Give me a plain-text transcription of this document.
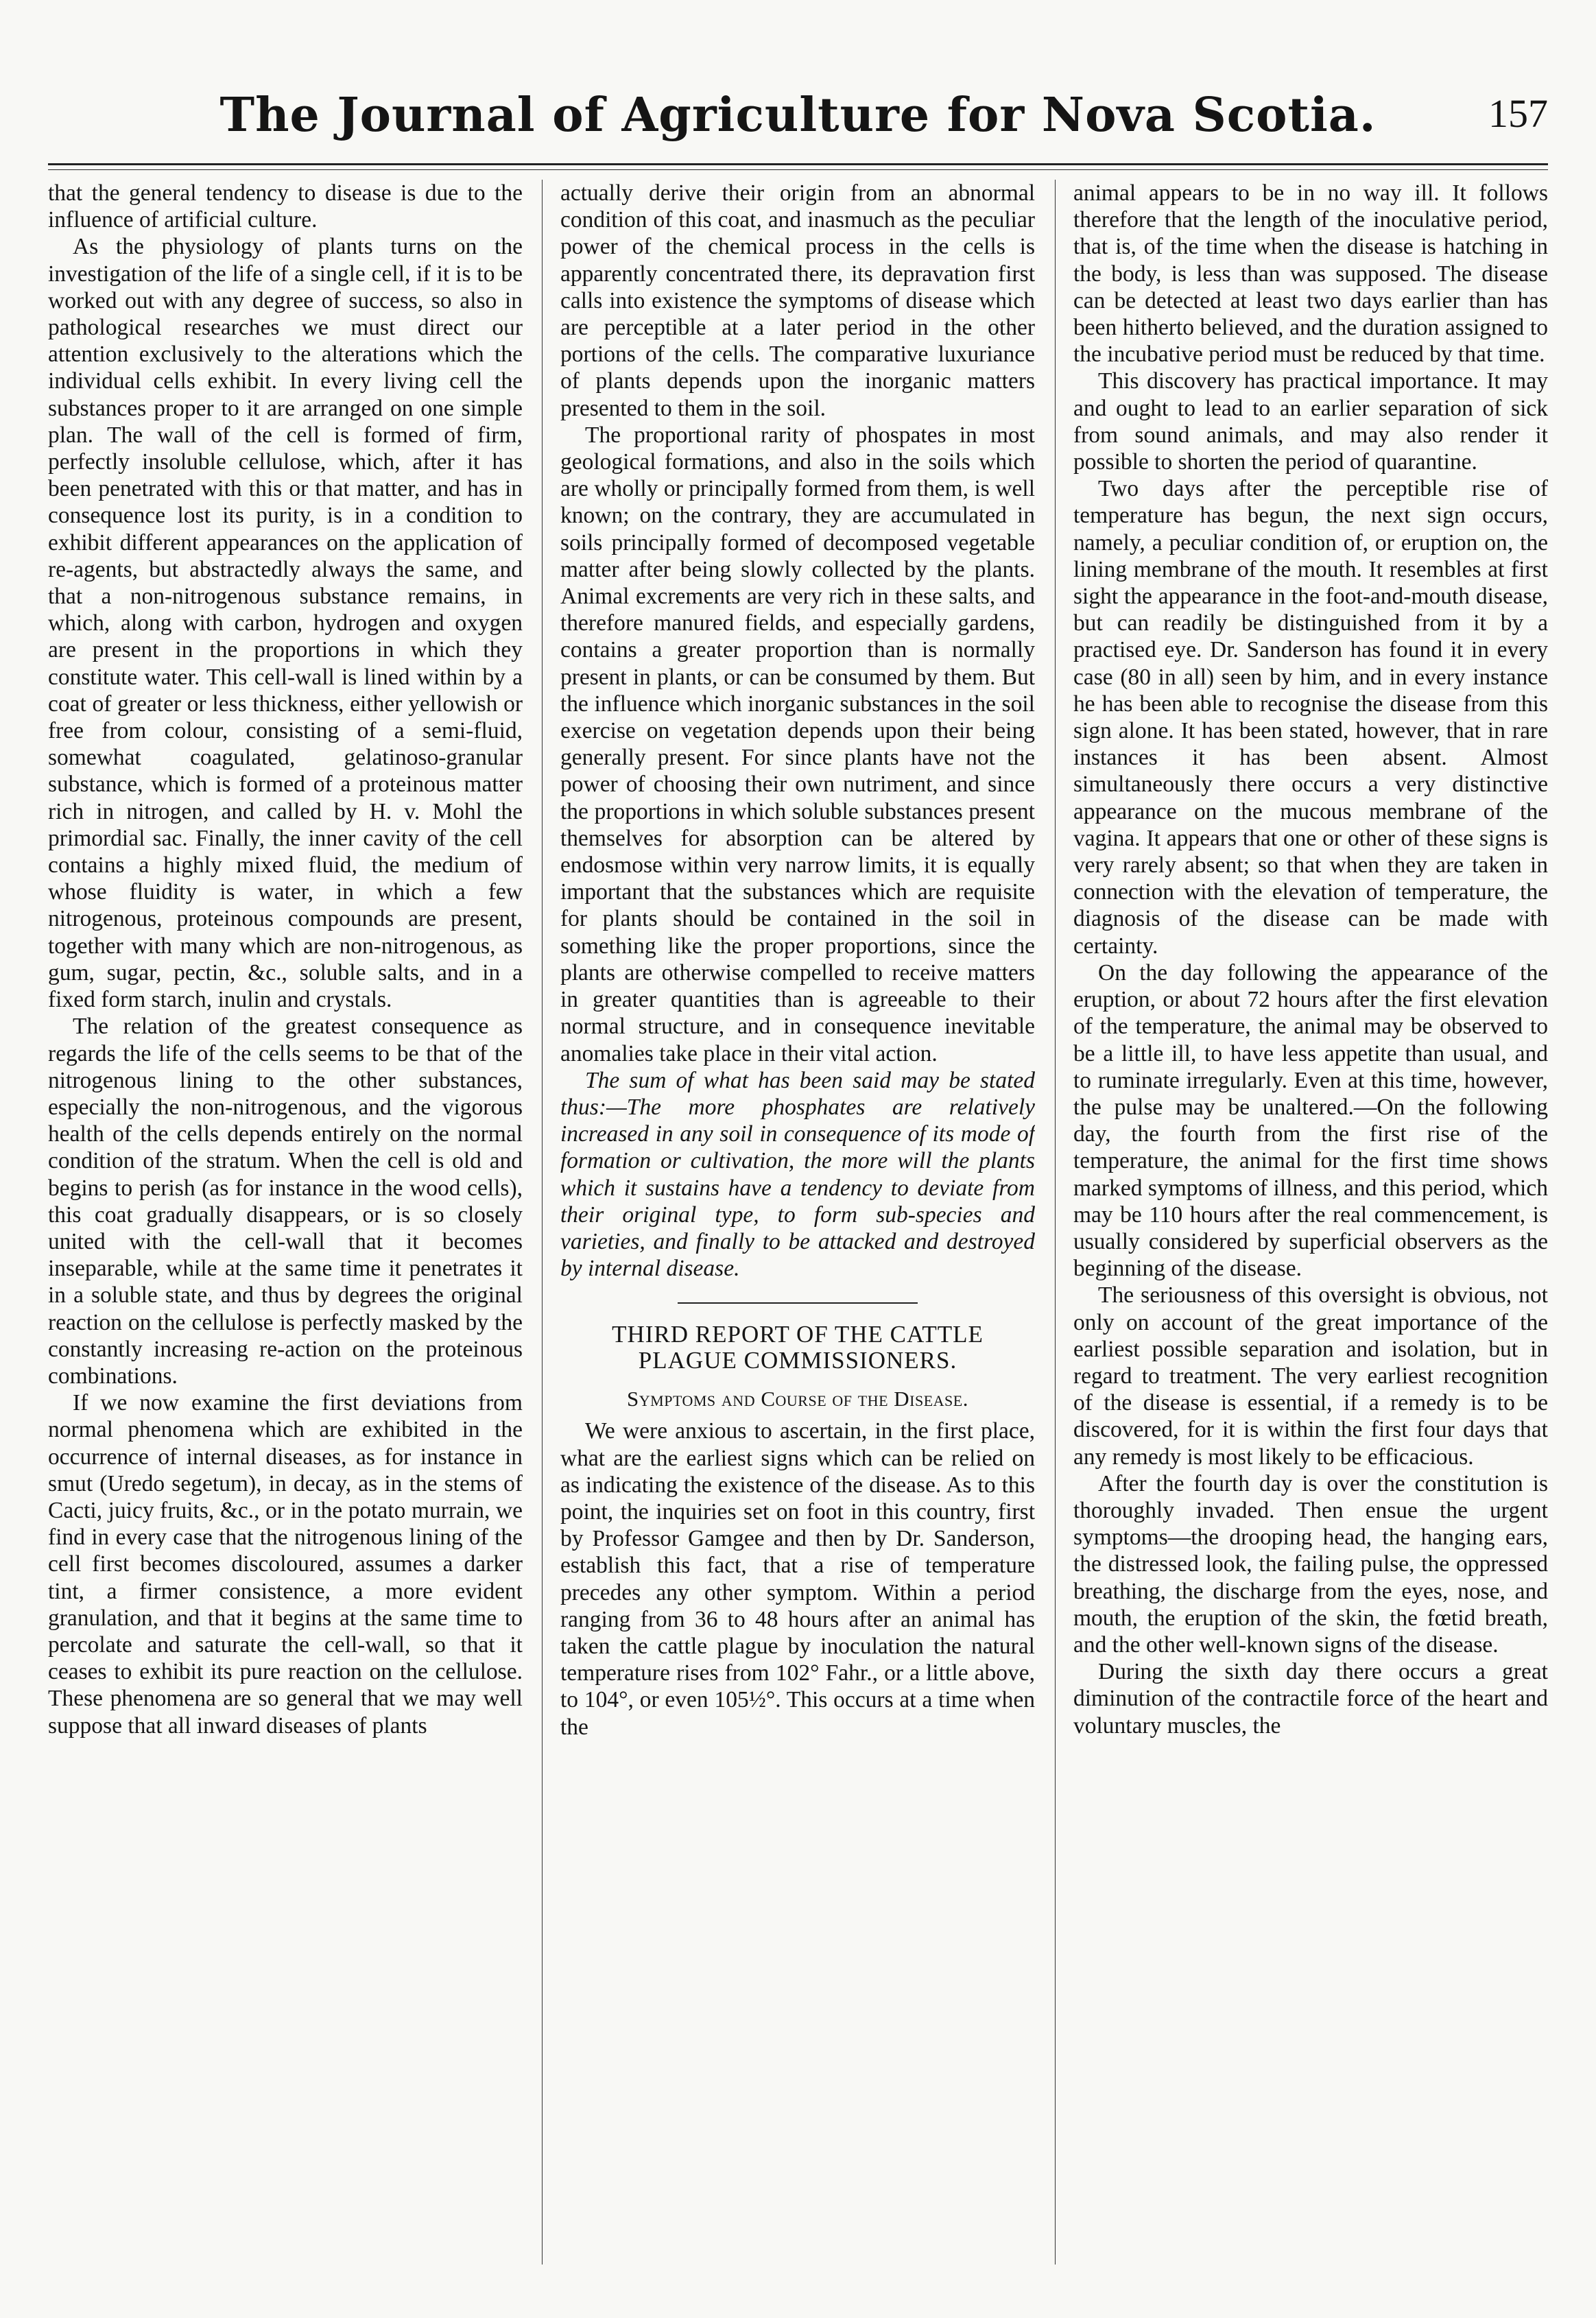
The Journal of Agriculture for Nova Scotia.	157

that the general tendency to disease is due to the influence of artificial culture.

As the physiology of plants turns on the investigation of the life of a single cell, if it is to be worked out with any degree of success, so also in pathological researches we must direct our attention exclusively to the alterations which the individual cells exhibit. In every living cell the substances proper to it are arranged on one simple plan. The wall of the cell is formed of firm, perfectly insoluble cellulose, which, after it has been penetrated with this or that matter, and has in consequence lost its purity, is in a condition to exhibit different appearances on the application of re-agents, but abstractedly always the same, and that a non-nitrogenous substance remains, in which, along with carbon, hydrogen and oxygen are present in the proportions in which they constitute water. This cell-wall is lined within by a coat of greater or less thickness, either yellowish or free from colour, consisting of a semi-fluid, somewhat coagulated, gelatinoso-granular substance, which is formed of a proteinous matter rich in nitrogen, and called by H. v. Mohl the primordial sac. Finally, the inner cavity of the cell contains a highly mixed fluid, the medium of whose fluidity is water, in which a few nitrogenous, proteinous compounds are present, together with many which are non-nitrogenous, as gum, sugar, pectin, &c., soluble salts, and in a fixed form starch, inulin and crystals.

The relation of the greatest consequence as regards the life of the cells seems to be that of the nitrogenous lining to the other substances, especially the non-nitrogenous, and the vigorous health of the cells depends entirely on the normal condition of the stratum. When the cell is old and begins to perish (as for instance in the wood cells), this coat gradually disappears, or is so closely united with the cell-wall that it becomes inseparable, while at the same time it penetrates it in a soluble state, and thus by degrees the original reaction on the cellulose is perfectly masked by the constantly increasing re-action on the proteinous combinations.

If we now examine the first deviations from normal phenomena which are exhibited in the occurrence of internal diseases, as for instance in smut (Uredo segetum), in decay, as in the stems of Cacti, juicy fruits, &c., or in the potato murrain, we find in every case that the nitrogenous lining of the cell first becomes discoloured, assumes a darker tint, a firmer consistence, a more evident granulation, and that it begins at the same time to percolate and saturate the cell-wall, so that it ceases to exhibit its pure reaction on the cellulose. These phenomena are so general that we may well suppose that all inward diseases of plants

actually derive their origin from an abnormal condition of this coat, and inasmuch as the peculiar power of the chemical process in the cells is apparently concentrated there, its depravation first calls into existence the symptoms of disease which are perceptible at a later period in the other portions of the cells. The comparative luxuriance of plants depends upon the inorganic matters presented to them in the soil.

The proportional rarity of phospates in most geological formations, and also in the soils which are wholly or principally formed from them, is well known; on the contrary, they are accumulated in soils principally formed of decomposed vegetable matter after being slowly collected by the plants. Animal excrements are very rich in these salts, and therefore manured fields, and especially gardens, contains a greater proportion than is normally present in plants, or can be consumed by them. But the influence which inorganic substances in the soil exercise on vegetation depends upon their being generally present. For since plants have not the power of choosing their own nutriment, and since the proportions in which soluble substances present themselves for absorption can be altered by endosmose within very narrow limits, it is equally important that the substances which are requisite for plants should be contained in the soil in something like the proper proportions, since the plants are otherwise compelled to receive matters in greater quantities than is agreeable to their normal structure, and in consequence inevitable anomalies take place in their vital action.

The sum of what has been said may be stated thus:—The more phosphates are relatively increased in any soil in consequence of its mode of formation or cultivation, the more will the plants which it sustains have a tendency to deviate from their original type, to form sub-species and varieties, and finally to be attacked and destroyed by internal disease.

THIRD REPORT OF THE CATTLE PLAGUE COMMISSIONERS.
Symptoms and Course of the Disease.

We were anxious to ascertain, in the first place, what are the earliest signs which can be relied on as indicating the existence of the disease. As to this point, the inquiries set on foot in this country, first by Professor Gamgee and then by Dr. Sanderson, establish this fact, that a rise of temperature precedes any other symptom. Within a period ranging from 36 to 48 hours after an animal has taken the cattle plague by inoculation the natural temperature rises from 102° Fahr., or a little above, to 104°, or even 105½°. This occurs at a time when the

animal appears to be in no way ill. It follows therefore that the length of the inoculative period, that is, of the time when the disease is hatching in the body, is less than was supposed. The disease can be detected at least two days earlier than has been hitherto believed, and the duration assigned to the incubative period must be reduced by that time.

This discovery has practical importance. It may and ought to lead to an earlier separation of sick from sound animals, and may also render it possible to shorten the period of quarantine.

Two days after the perceptible rise of temperature has begun, the next sign occurs, namely, a peculiar condition of, or eruption on, the lining membrane of the mouth. It resembles at first sight the appearance in the foot-and-mouth disease, but can readily be distinguished from it by a practised eye. Dr. Sanderson has found it in every case (80 in all) seen by him, and in every instance he has been able to recognise the disease from this sign alone. It has been stated, however, that in rare instances it has been absent. Almost simultaneously there occurs a very distinctive appearance on the mucous membrane of the vagina. It appears that one or other of these signs is very rarely absent; so that when they are taken in connection with the elevation of temperature, the diagnosis of the disease can be made with certainty.

On the day following the appearance of the eruption, or about 72 hours after the first elevation of the temperature, the animal may be observed to be a little ill, to have less appetite than usual, and to ruminate irregularly. Even at this time, however, the pulse may be unaltered.—On the following day, the fourth from the first rise of the temperature, the animal for the first time shows marked symptoms of illness, and this period, which may be 110 hours after the real commencement, is usually considered by superficial observers as the beginning of the disease.

The seriousness of this oversight is obvious, not only on account of the great importance of the earliest possible separation and isolation, but in regard to treatment. The very earliest recognition of the disease is essential, if a remedy is to be discovered, for it is within the first four days that any remedy is most likely to be efficacious.

After the fourth day is over the constitution is thoroughly invaded. Then ensue the urgent symptoms—the drooping head, the hanging ears, the distressed look, the failing pulse, the oppressed breathing, the discharge from the eyes, nose, and mouth, the eruption of the skin, the fœtid breath, and the other well-known signs of the disease.

During the sixth day there occurs a great diminution of the contractile force of the heart and voluntary muscles, the
